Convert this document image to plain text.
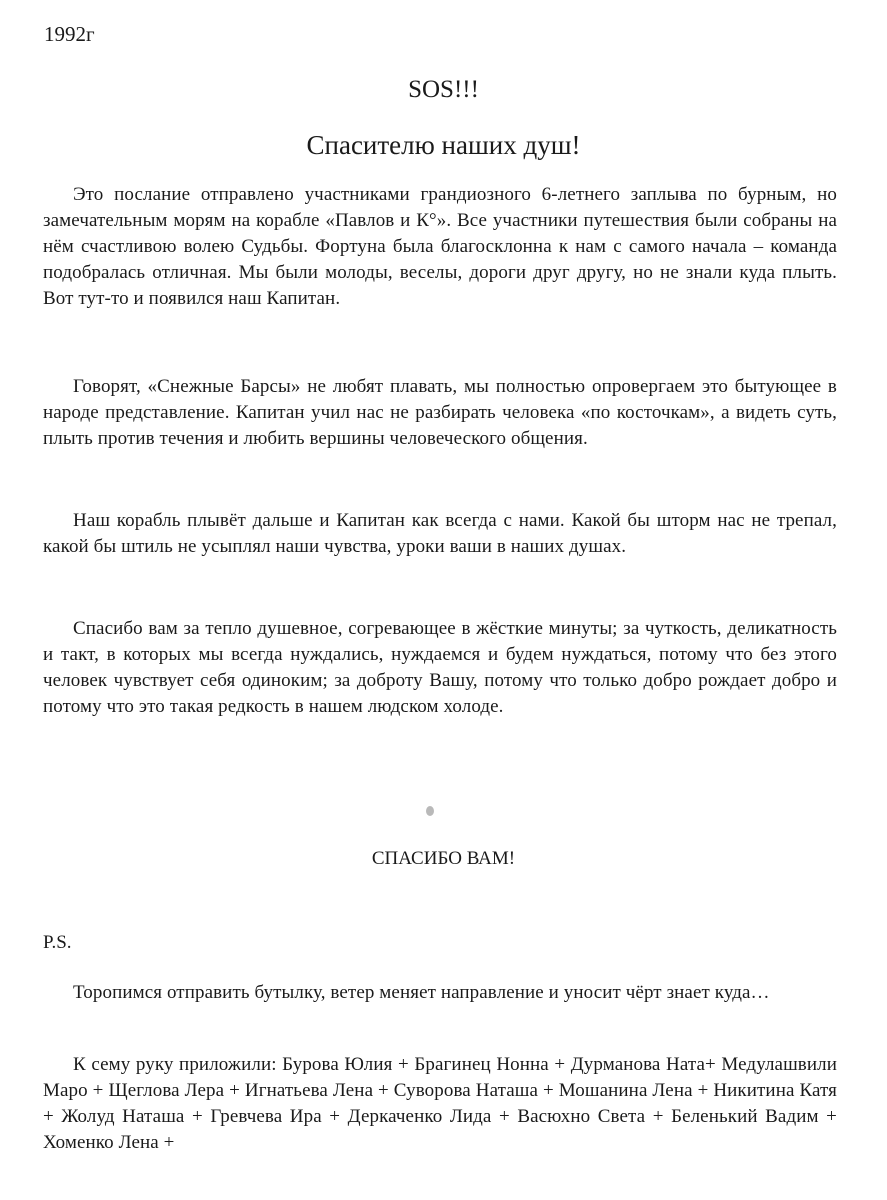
1992г
SOS!!!
Спасителю наших душ!

Это послание отправлено участниками грандиозного 6-летнего заплыва по бурным, но замечательным морям на корабле «Павлов и К°». Все участники путешествия были собраны на нём счастливою волею Судьбы. Фортуна была благосклонна к нам с самого начала – команда подобралась отличная. Мы были молоды, веселы, дороги друг другу, но не знали куда плыть. Вот тут-то и появился наш Капитан.

Говорят, «Снежные Барсы» не любят плавать, мы полностью опровергаем это бытующее в народе представление. Капитан учил нас не разбирать человека «по косточкам», а видеть суть, плыть против течения и любить вершины человеческого общения.

Наш корабль плывёт дальше и Капитан как всегда с нами. Какой бы шторм нас не трепал, какой бы штиль не усыплял наши чувства, уроки ваши в наших душах.

Спасибо вам за тепло душевное, согревающее в жёсткие минуты; за чуткость, деликатность и такт, в которых мы всегда нуждались, нуждаемся и будем нуждаться, потому что без этого человек чувствует себя одиноким; за доброту Вашу, потому что только добро рождает добро и потому что это такая редкость в нашем людском холоде.

СПАСИБО ВАМ!
P.S.

Торопимся отправить бутылку, ветер меняет направление и уносит чёрт знает куда…

К сему руку приложили: Бурова Юлия + Брагинец Нонна + Дурманова Ната+ Медулашвили Маро + Щеглова Лера + Игнатьева Лена + Суворова Наташа + Мошанина Лена + Никитина Катя + Жолуд Наташа + Гревчева Ира + Деркаченко Лида + Васюхно Света + Беленький Вадим + Хоменко Лена +
